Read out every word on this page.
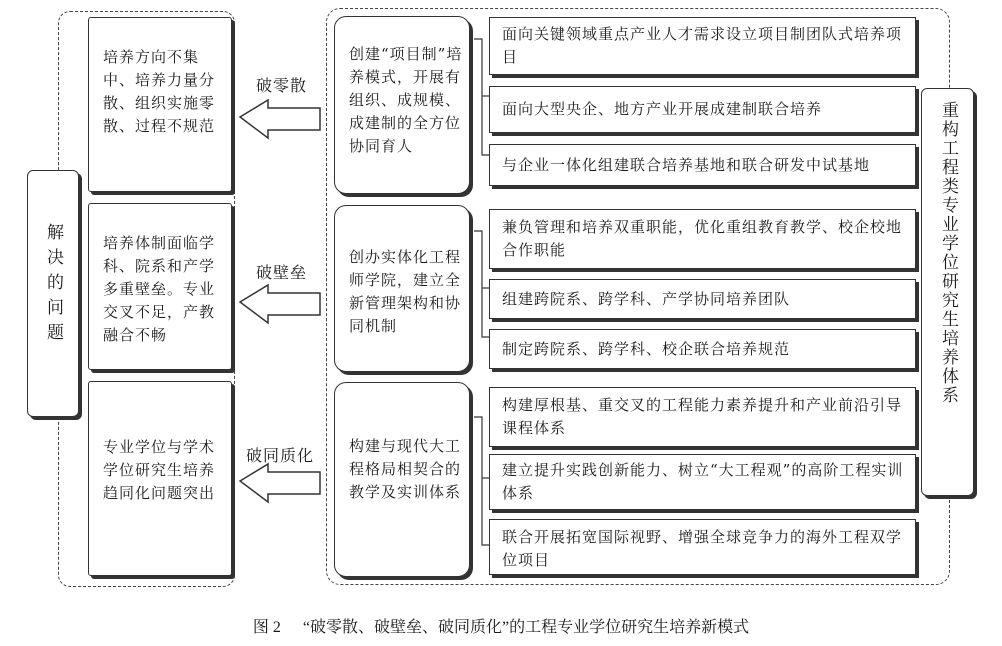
解决的问题	重构工程类专业学位研究生培养体系
培养方向不集中、培养力量分散、组织实施零散、过程不规范
培养体制面临学科、院系和产学多重壁垒。专业交叉不足，产教融合不畅
专业学位与学术学位研究生培养趋同化问题突出
破零散
破壁垒
破同质化
创建“项目制”培养模式，开展有组织、成规模、成建制的全方位协同育人
创办实体化工程师学院，建立全新管理架构和协同机制
构建与现代大工程格局相契合的教学及实训体系
面向关键领域重点产业人才需求设立项目制团队式培养项目
面向大型央企、地方产业开展成建制联合培养
与企业一体化组建联合培养基地和联合研发中试基地
兼负管理和培养双重职能，优化重组教育教学、校企校地合作职能
组建跨院系、跨学科、产学协同培养团队
制定跨院系、跨学科、校企联合培养规范
构建厚根基、重交叉的工程能力素养提升和产业前沿引导课程体系
建立提升实践创新能力、树立“大工程观”的高阶工程实训体系
联合开展拓宽国际视野、增强全球竞争力的海外工程双学位项目
图 2 “破零散、破壁垒、破同质化”的工程专业学位研究生培养新模式
